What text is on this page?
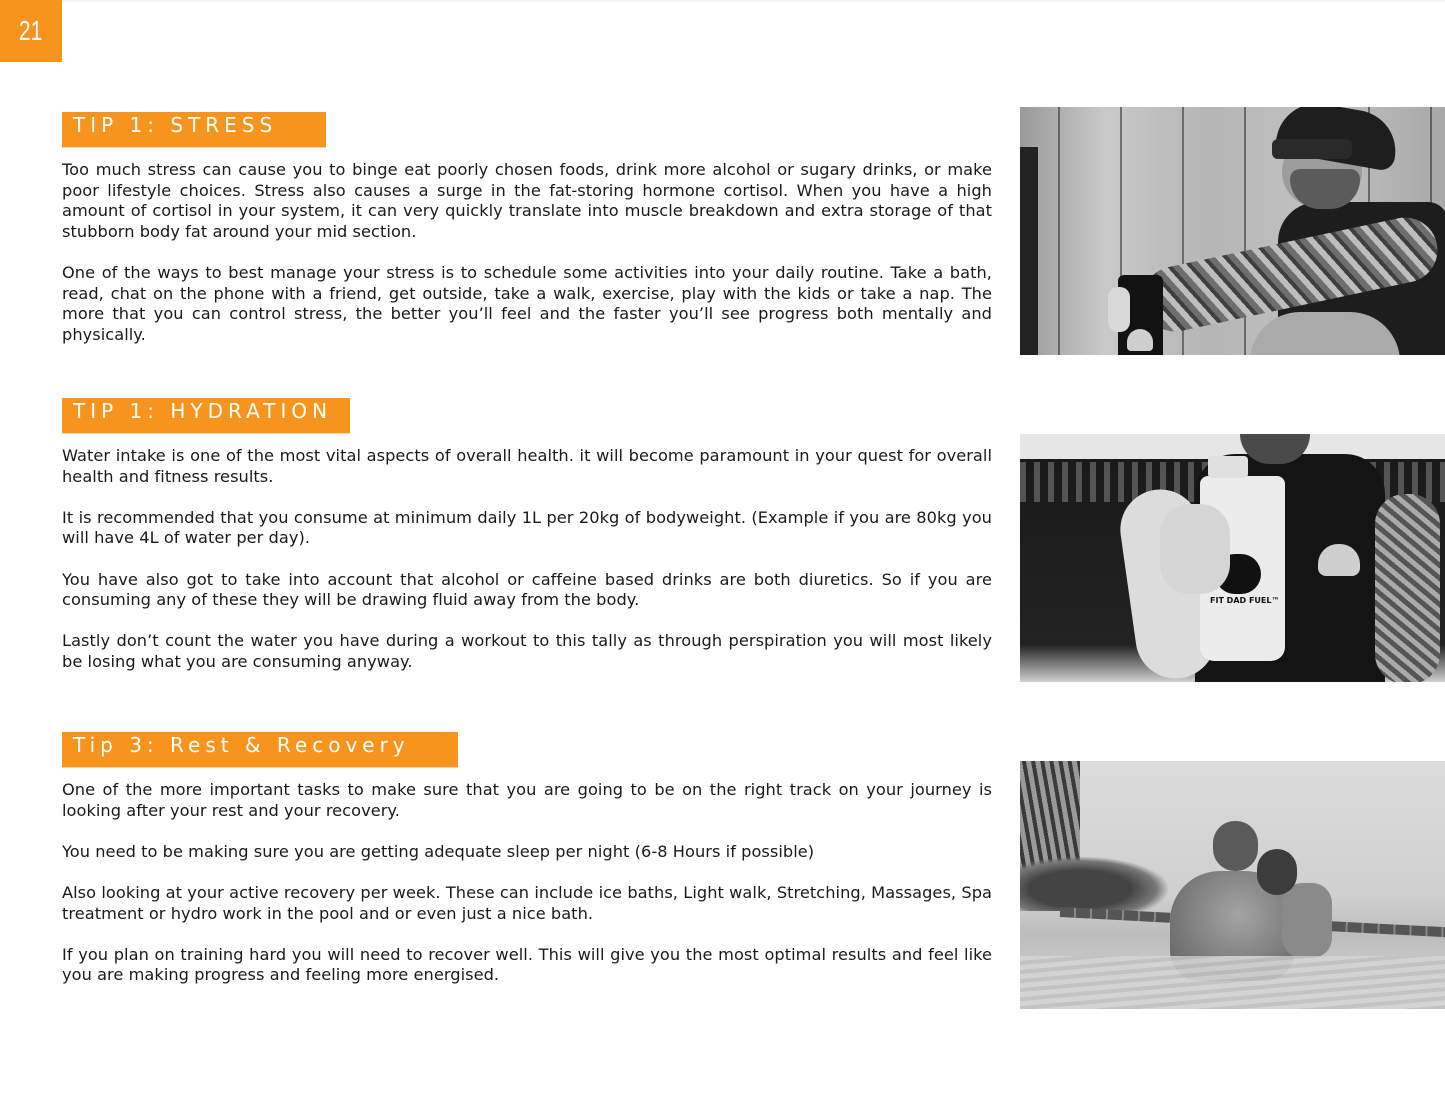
21
TIP 1: STRESS

Too much stress can cause you to binge eat poorly chosen foods, drink more alcohol or sugary drinks, or make poor lifestyle choices. Stress also causes a surge in the fat-storing hormone cortisol. When you have a high amount of cortisol in your system, it can very quickly translate into muscle breakdown and extra storage of that stubborn body fat around your mid section.

One of the ways to best manage your stress is to schedule some activities into your daily routine. Take a bath, read, chat on the phone with a friend, get outside, take a walk, exercise, play with the kids or take a nap. The more that you can control stress, the better you’ll feel and the faster you’ll see progress both mentally and physically.

TIP 1: HYDRATION

Water intake is one of the most vital aspects of overall health. it will become paramount in your quest for overall health and fitness results.

It is recommended that you consume at minimum daily 1L per 20kg of bodyweight. (Example if you are 80kg you will have 4L of water per day).

You have also got to take into account that alcohol or caffeine based drinks are both diuretics. So if you are consuming any of these they will be drawing fluid away from the body.

Lastly don’t count the water you have during a workout to this tally as through perspiration you will most likely be losing what you are consuming anyway.

Tip 3: Rest & Recovery

One of the more important tasks to make sure that you are going to be on the right track on your journey is looking after your rest and your recovery.

You need to be making sure you are getting adequate sleep per night (6-8 Hours if possible)

Also looking at your active recovery per week. These can include ice baths, Light walk, Stretching, Massages, Spa treatment or hydro work in the pool and or even just a nice bath.

If you plan on training hard you will need to recover well. This will give you the most optimal results and feel like you are making progress and feeling more energised.

FIT DAD FUEL™
